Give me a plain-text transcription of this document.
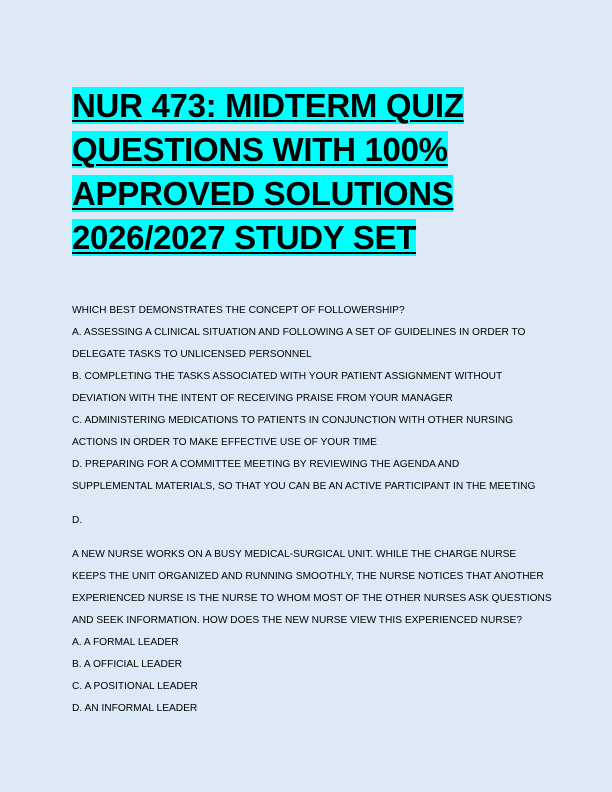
NUR 473: MIDTERM QUIZ
QUESTIONS WITH 100%
APPROVED SOLUTIONS
2026/2027 STUDY SET
WHICH BEST DEMONSTRATES THE CONCEPT OF FOLLOWERSHIP?
A. ASSESSING A CLINICAL SITUATION AND FOLLOWING A SET OF GUIDELINES IN ORDER TO
DELEGATE TASKS TO UNLICENSED PERSONNEL
B. COMPLETING THE TASKS ASSOCIATED WITH YOUR PATIENT ASSIGNMENT WITHOUT
DEVIATION WITH THE INTENT OF RECEIVING PRAISE FROM YOUR MANAGER
C. ADMINISTERING MEDICATIONS TO PATIENTS IN CONJUNCTION WITH OTHER NURSING
ACTIONS IN ORDER TO MAKE EFFECTIVE USE OF YOUR TIME
D. PREPARING FOR A COMMITTEE MEETING BY REVIEWING THE AGENDA AND
SUPPLEMENTAL MATERIALS, SO THAT YOU CAN BE AN ACTIVE PARTICIPANT IN THE MEETING
D.
A NEW NURSE WORKS ON A BUSY MEDICAL-SURGICAL UNIT. WHILE THE CHARGE NURSE
KEEPS THE UNIT ORGANIZED AND RUNNING SMOOTHLY, THE NURSE NOTICES THAT ANOTHER
EXPERIENCED NURSE IS THE NURSE TO WHOM MOST OF THE OTHER NURSES ASK QUESTIONS
AND SEEK INFORMATION. HOW DOES THE NEW NURSE VIEW THIS EXPERIENCED NURSE?
A. A FORMAL LEADER
B. A OFFICIAL LEADER
C. A POSITIONAL LEADER
D. AN INFORMAL LEADER
